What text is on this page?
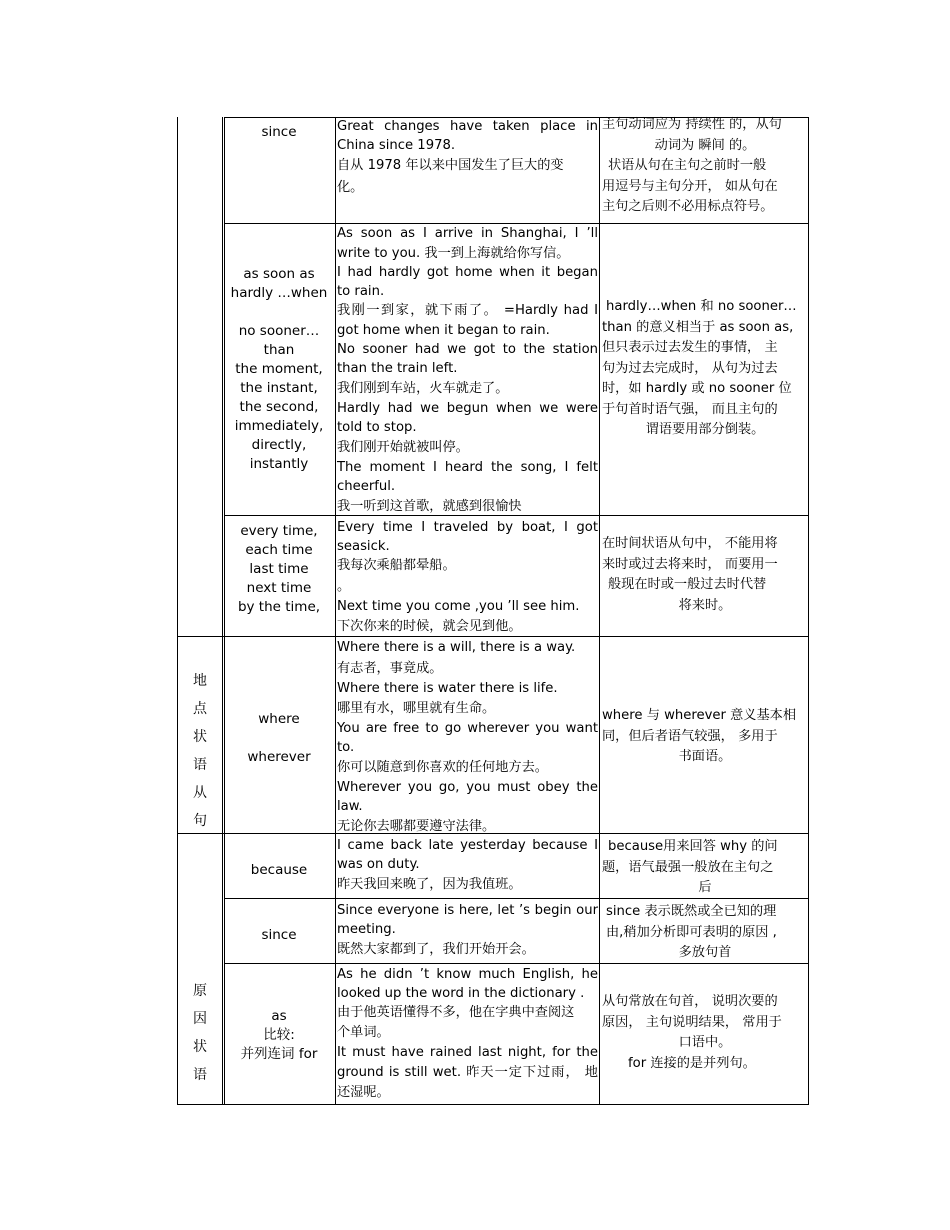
地
点
状
语
从
句
原
因
状
语
since	Great changes have taken place in China since 1978.
自从 1978 年以来中国发生了巨大的变化。
主句动词应为 持续性 的，从句
动词为 瞬间 的。
状语从句在主句之前时一般
用逗号与主句分开， 如从句在
主句之后则不必用标点符号。
as soon as
hardly …when

no sooner…
than
the moment,
the instant,
the second,
immediately,
directly,
instantly
As soon as I arrive in Shanghai, I ’ll write to you. 我一到上海就给你写信。
I had hardly got home when it began to rain.
我刚一到家，就下雨了。 =Hardly had I got home when it began to rain.
No sooner had we got to the station than the train left.
我们刚到车站，火车就走了。
Hardly had we begun when we were told to stop.
我们刚开始就被叫停。
The moment I heard the song, I felt cheerful.
我一听到这首歌，就感到很愉快
hardly…when 和 no sooner…
than 的意义相当于 as soon as,
但只表示过去发生的事情， 主
句为过去完成时， 从句为过去
时，如 hardly 或 no sooner 位
于句首时语气强， 而且主句的
谓语要用部分倒装。
every time,
each time
last time
next time
by the time,
Every time I traveled by boat, I got seasick.
我每次乘船都晕船。
。
Next time you come ,you ’ll see him.
下次你来的时候，就会见到他。
在时间状语从句中， 不能用将
来时或过去将来时， 而要用一
般现在时或一般过去时代替
将来时。
where

wherever
Where there is a will, there is a way.
有志者，事竟成。
Where there is water there is life.
哪里有水，哪里就有生命。
You are free to go wherever you want to.
你可以随意到你喜欢的任何地方去。
Wherever you go, you must obey the law.
无论你去哪都要遵守法律。
where 与 wherever 意义基本相
同，但后者语气较强， 多用于
书面语。
because
I came back late yesterday because I was on duty.
昨天我回来晚了，因为我值班。
because用来回答 why 的问
题，语气最强一般放在主句之
后
since
Since everyone is here, let ’s begin our meeting.
既然大家都到了，我们开始开会。
since 表示既然或全已知的理
由,稍加分析即可表明的原因 ,
多放句首
as
比较:
并列连词 for
As he didn ’t know much English, he looked up the word in the dictionary .
由于他英语懂得不多，他在字典中查阅这个单词。
It must have rained last night, for the ground is still wet. 昨天一定下过雨， 地还湿呢。
从句常放在句首， 说明次要的
原因， 主句说明结果， 常用于
口语中。
for 连接的是并列句。
